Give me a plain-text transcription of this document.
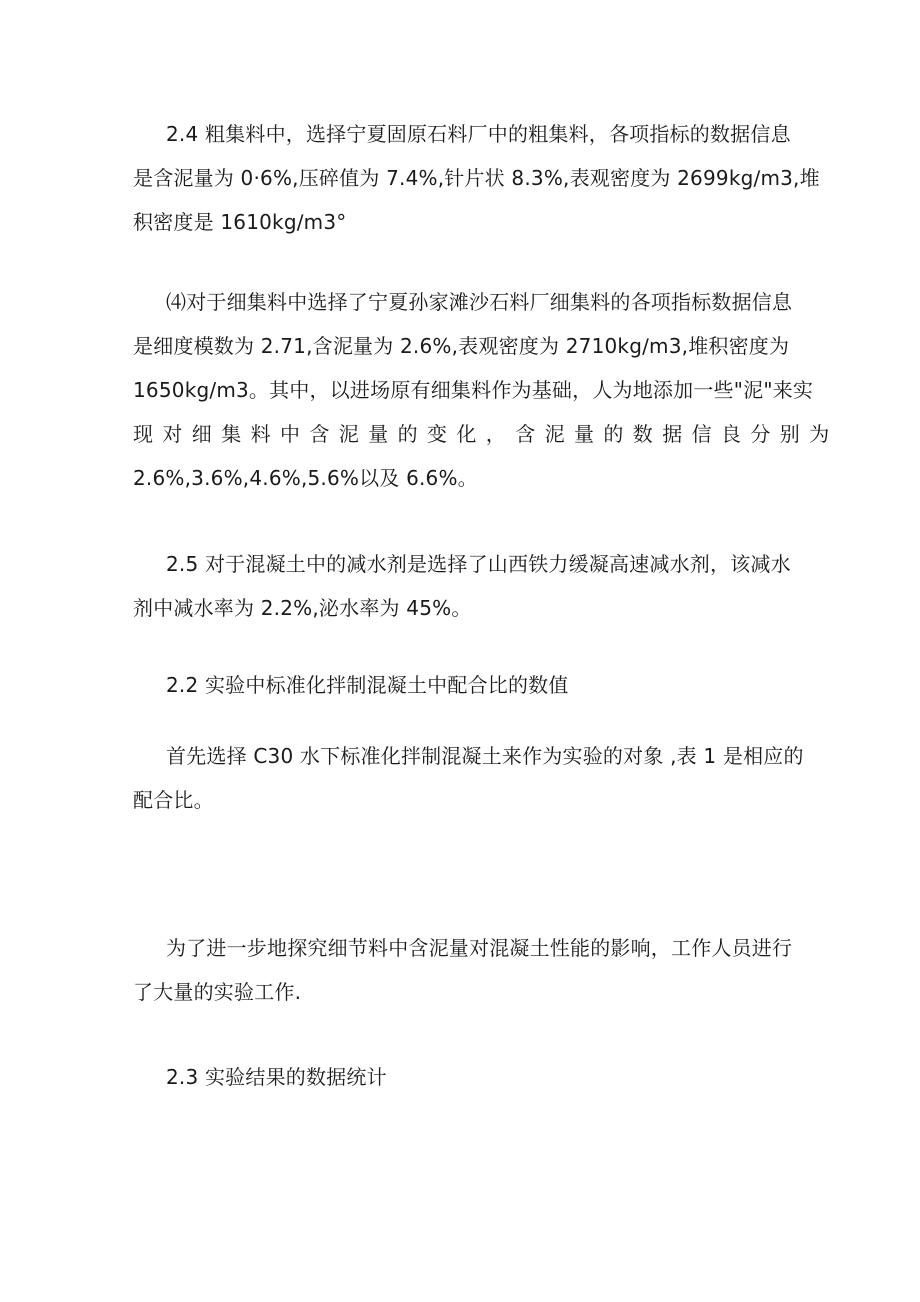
2.4 粗集料中，选择宁夏固原石料厂中的粗集料，各项指标的数据信息
是含泥量为 0·6%,压碎值为 7.4%,针片状 8.3%,表观密度为 2699kg∕m3,堆
积密度是 1610kg∕m3°
⑷对于细集料中选择了宁夏孙家滩沙石料厂细集料的各项指标数据信息
是细度模数为 2.71,含泥量为 2.6%,表观密度为 2710kg∕m3,堆积密度为
1650kg/m3。其中，以进场原有细集料作为基础，人为地添加一些"泥"来实
现对细集料中含泥量的变化，含泥量的数据信良分别为
2.6%,3.6%,4.6%,5.6%以及 6.6%。
2.5 对于混凝土中的减水剂是选择了山西铁力缓凝高速减水剂，该减水
剂中减水率为 2.2%,泌水率为 45%。
2.2 实验中标准化拌制混凝土中配合比的数值
首先选择 C30 水下标准化拌制混凝土来作为实验的对象 ,表 1 是相应的
配合比。
为了进一步地探究细节料中含泥量对混凝土性能的影响，工作人员进行
了大量的实验工作.
2.3 实验结果的数据统计
